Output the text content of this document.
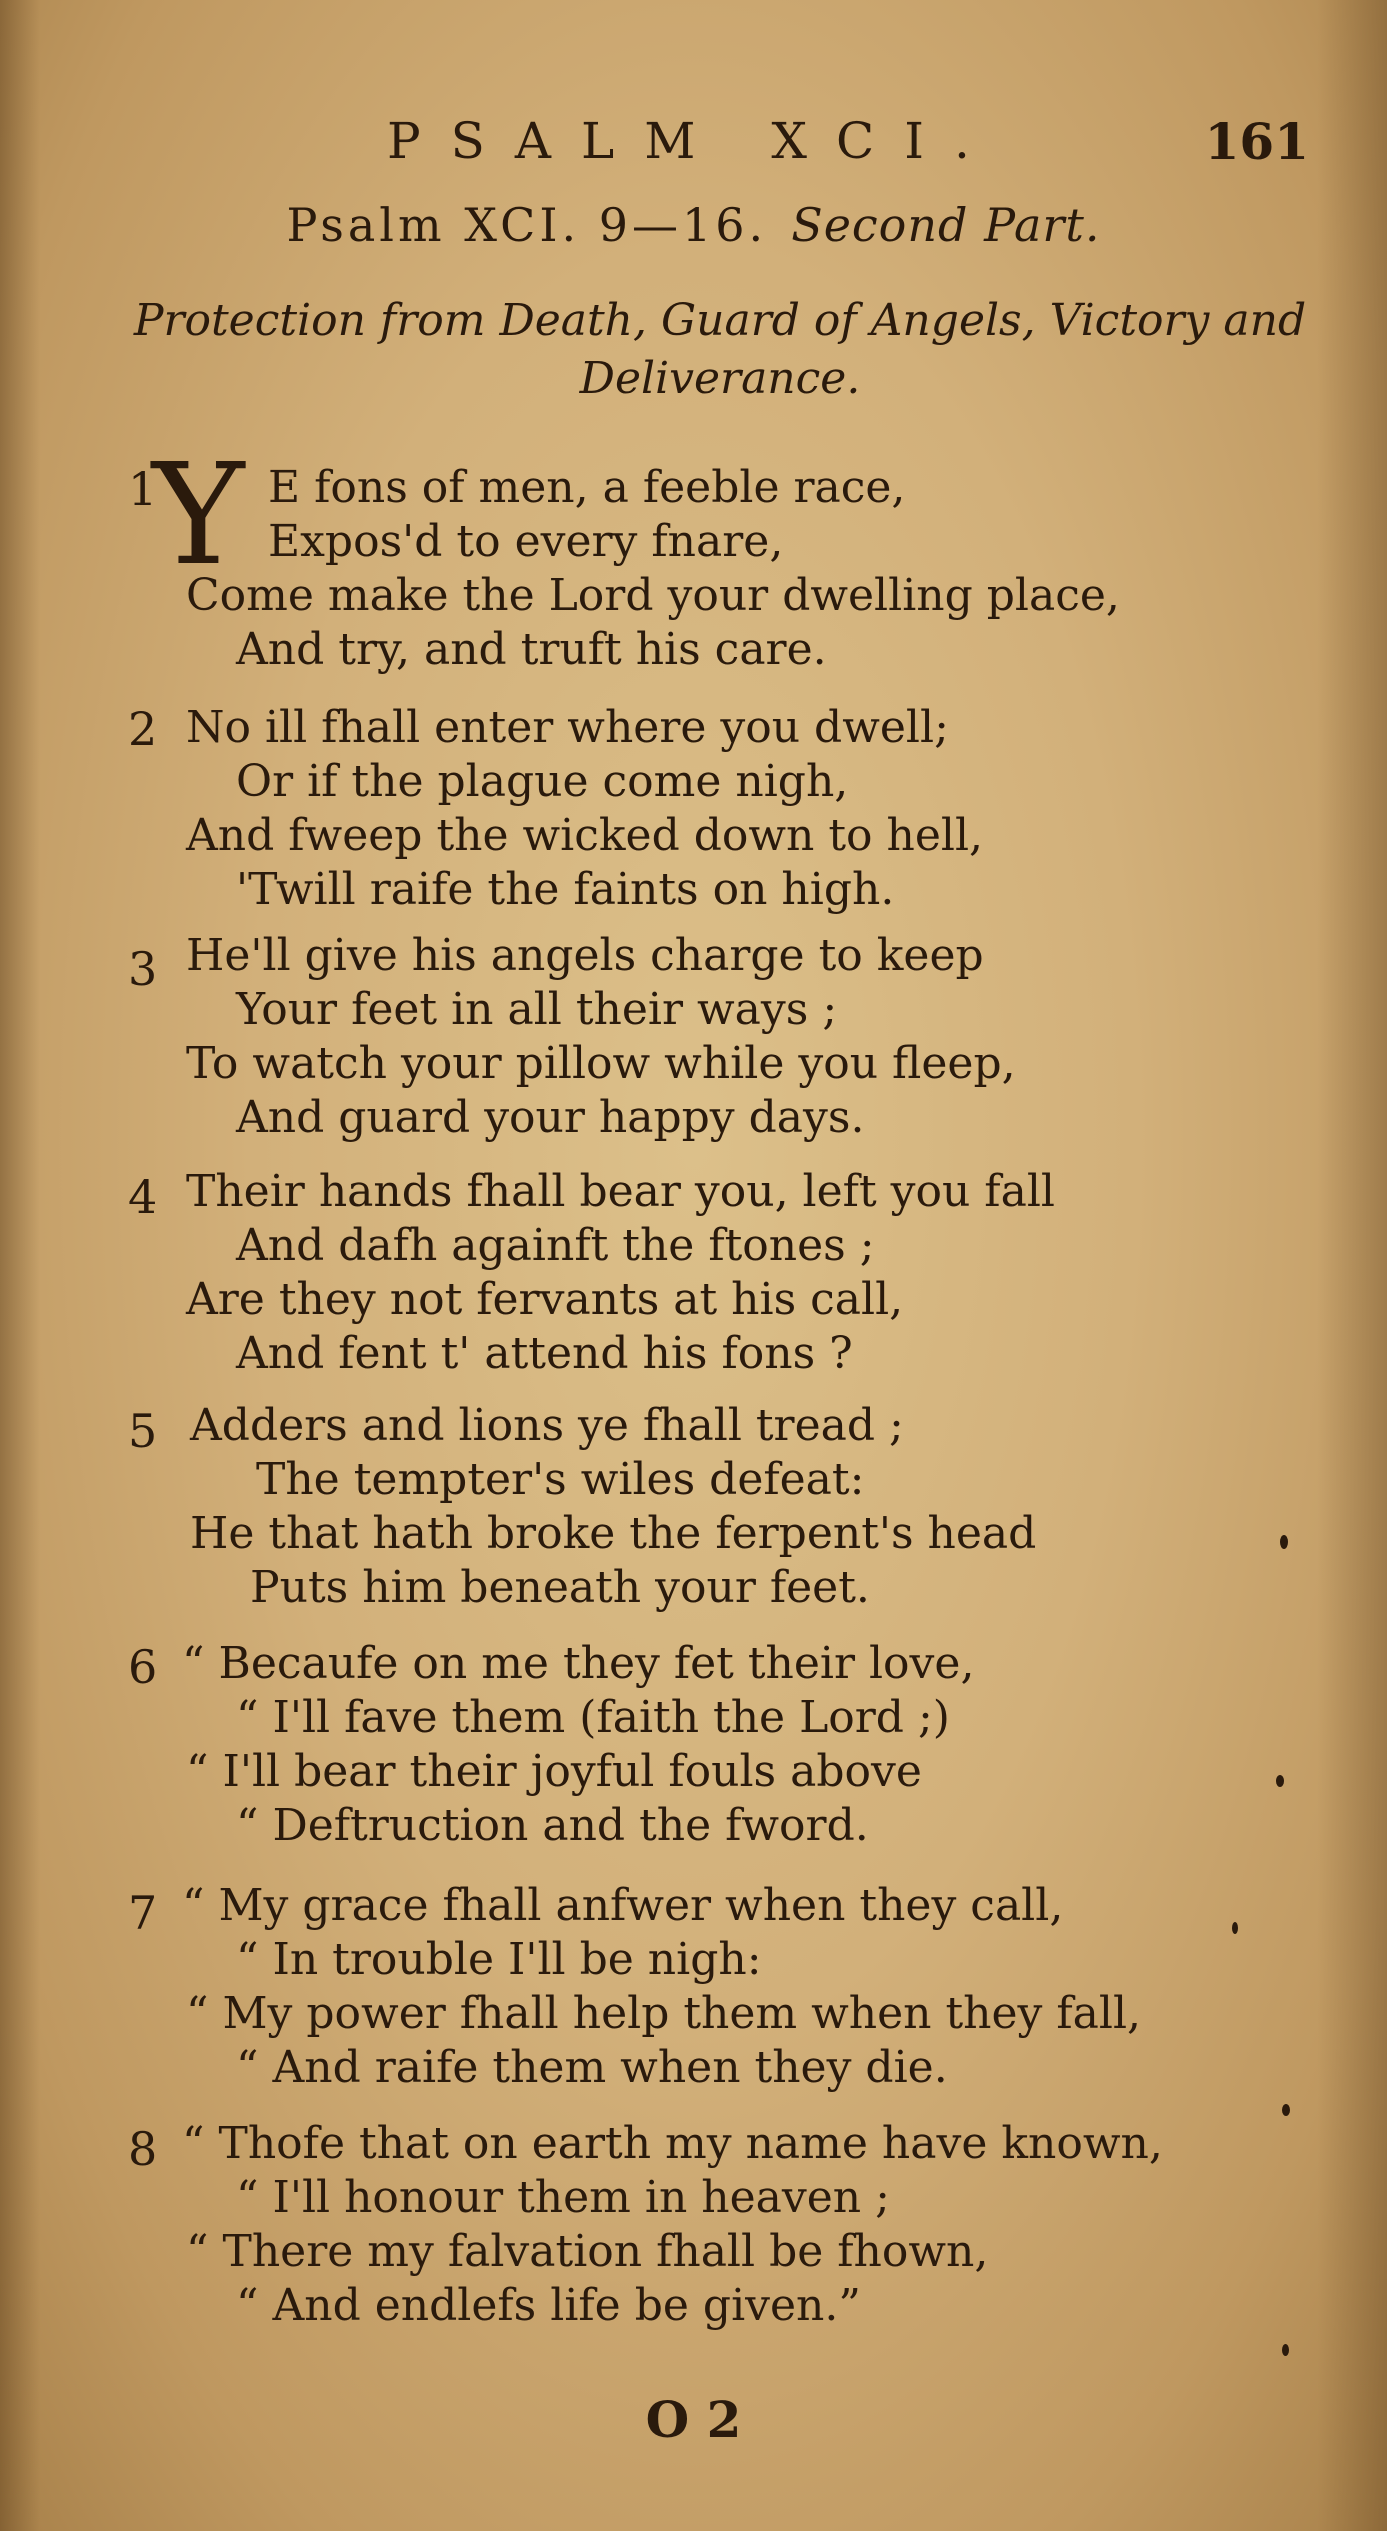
PSALM XCI.	161
Psalm XCI. 9—16. Second Part.
Protection from Death, Guard of Angels, Victory and Deliverance.
1
Y E fons of men, a feeble race,
Expos'd to every fnare,
Come make the Lord your dwelling place,
And try, and truft his care.
2 No ill fhall enter where you dwell;
Or if the plague come nigh,
And fweep the wicked down to hell,
'Twill raife the faints on high.
3 He'll give his angels charge to keep
Your feet in all their ways ;
To watch your pillow while you fleep,
And guard your happy days.
4 Their hands fhall bear you, left you fall
And dafh againft the ftones ;
Are they not fervants at his call,
And fent t' attend his fons ?
5 Adders and lions ye fhall tread ;
The tempter's wiles defeat:
He that hath broke the ferpent's head
Puts him beneath your feet.
6 “ Becaufe on me they fet their love,
“ I'll fave them (faith the Lord ;)
“ I'll bear their joyful fouls above
“ Deftruction and the fword.
7 “ My grace fhall anfwer when they call,
“ In trouble I'll be nigh:
“ My power fhall help them when they fall,
“ And raife them when they die.
8 “ Thofe that on earth my name have known,
“ I'll honour them in heaven ;
“ There my falvation fhall be fhown,
“ And endlefs life be given.”
O 2
